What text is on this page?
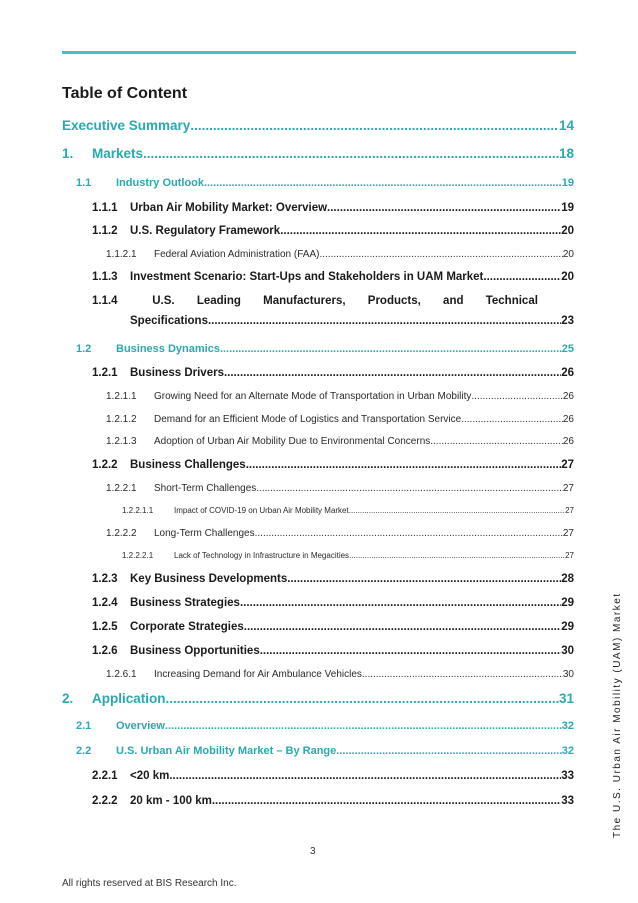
Table of Content
Executive Summary .....	14
1.	Markets .....	18
1.1	Industry Outlook .....	19
1.1.1	Urban Air Mobility Market: Overview .....	19
1.1.2	U.S. Regulatory Framework .....	20
1.1.2.1	Federal Aviation Administration (FAA) .....	20
1.1.3	Investment Scenario: Start-Ups and Stakeholders in UAM Market .....	20
1.1.4	U.S. Leading Manufacturers, Products, and Technical
Specifications .....	23
1.2	Business Dynamics .....	25
1.2.1	Business Drivers .....	26
1.2.1.1	Growing Need for an Alternate Mode of Transportation in Urban Mobility .....	26
1.2.1.2	Demand for an Efficient Mode of Logistics and Transportation Service .....	26
1.2.1.3	Adoption of Urban Air Mobility Due to Environmental Concerns .....	26
1.2.2	Business Challenges .....	27
1.2.2.1	Short-Term Challenges .....	27
1.2.2.1.1	Impact of COVID-19 on Urban Air Mobility Market .....	27
1.2.2.2	Long-Term Challenges .....	27
1.2.2.2.1	Lack of Technology in Infrastructure in Megacities .....	27
1.2.3	Key Business Developments .....	28
1.2.4	Business Strategies .....	29
1.2.5	Corporate Strategies .....	29
1.2.6	Business Opportunities .....	30
1.2.6.1	Increasing Demand for Air Ambulance Vehicles .....	30
2.	Application .....	31
2.1	Overview .....	32
2.2	U.S. Urban Air Mobility Market – By Range .....	32
2.2.1	<20 km .....	33
2.2.2	20 km - 100 km .....	33	The U.S. Urban Air Mobility (UAM) Market
3
All rights reserved at BIS Research Inc.
